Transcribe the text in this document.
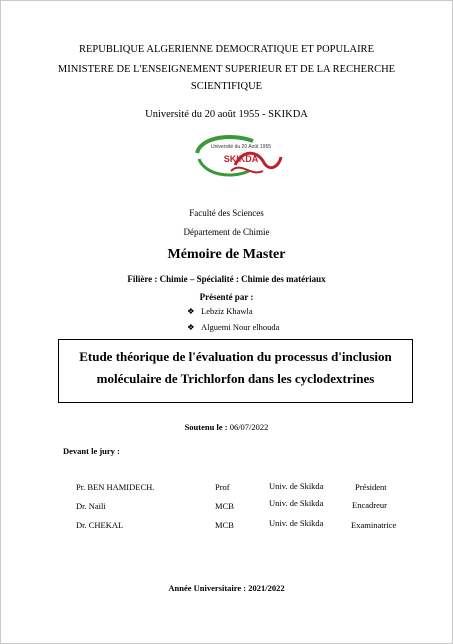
REPUBLIQUE ALGERIENNE DEMOCRATIQUE ET POPULAIRE
MINISTERE DE L'ENSEIGNEMENT SUPERIEUR ET DE LA RECHERCHE
SCIENTIFIQUE
Université du 20 août 1955 - SKIKDA
Université du 20 Août 1955
SKIKDA
Faculté des Sciences
Département de Chimie
Mémoire de Master
Filière : Chimie – Spécialité : Chimie des matériaux
Présenté par :
❖ Lebziz Khawla
❖ Alguemi Nour elhouda
Etude théorique de l'évaluation du processus d'inclusion
moléculaire de Trichlorfon dans les cyclodextrines
Soutenu le : 06/07/2022
Devant le jury :
Pr. BEN HAMIDECH.	Prof	Univ. de Skikda	Président
Dr. Naili	MCB	Univ. de Skikda	Encadreur
Dr. CHEKAL	MCB	Univ. de Skikda	Examinatrice
Année Universitaire : 2021/2022
